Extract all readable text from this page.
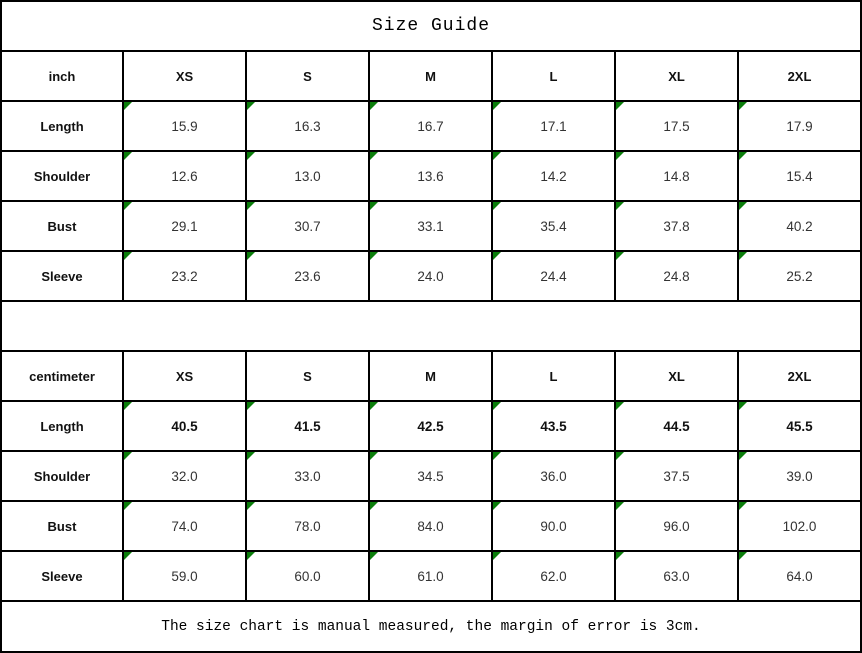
Size Guide						
inch	XS	S	M	L	XL	2XL
Length	15.9	16.3	16.7	17.1	17.5	17.9
Shoulder	12.6	13.0	13.6	14.2	14.8	15.4
Bust	29.1	30.7	33.1	35.4	37.8	40.2
Sleeve	23.2	23.6	24.0	24.4	24.8	25.2

centimeter	XS	S	M	L	XL	2XL
Length	40.5	41.5	42.5	43.5	44.5	45.5
Shoulder	32.0	33.0	34.5	36.0	37.5	39.0
Bust	74.0	78.0	84.0	90.0	96.0	102.0
Sleeve	59.0	60.0	61.0	62.0	63.0	64.0
The size chart is manual measured, the margin of error is 3cm.						
